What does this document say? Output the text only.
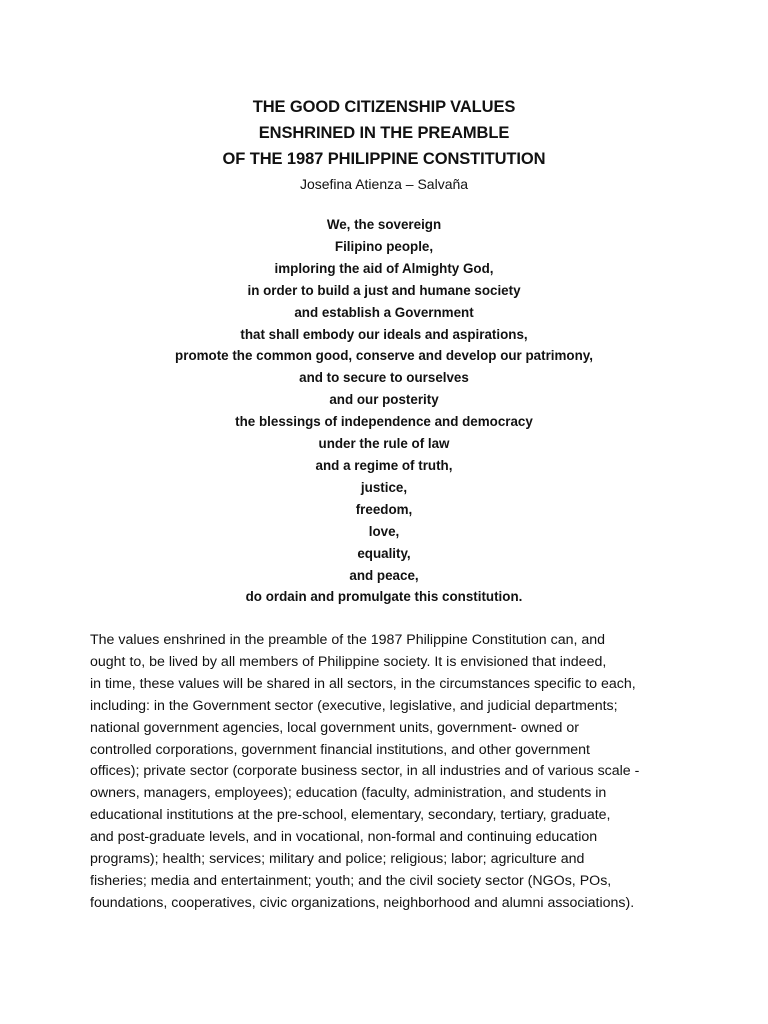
THE GOOD CITIZENSHIP VALUES
ENSHRINED IN THE PREAMBLE
OF THE 1987 PHILIPPINE CONSTITUTION
Josefina Atienza – Salvaña
We, the sovereign
Filipino people,
imploring the aid of Almighty God,
in order to build a just and humane society
and establish a Government
that shall embody our ideals and aspirations,
promote the common good, conserve and develop our patrimony,
and to secure to ourselves
and our posterity
the blessings of independence and democracy
under the rule of law
and a regime of truth,
justice,
freedom,
love,
equality,
and peace,
do ordain and promulgate this constitution.
The values enshrined in the preamble of the 1987 Philippine Constitution can, and
ought to, be lived by all members of Philippine society. It is envisioned that indeed,
in time, these values will be shared in all sectors, in the circumstances specific to each,
including: in the Government sector (executive, legislative, and judicial departments;
national government agencies, local government units, government- owned or
controlled corporations, government financial institutions, and other government
offices); private sector (corporate business sector, in all industries and of various scale -
owners, managers, employees); education (faculty, administration, and students in
educational institutions at the pre-school, elementary, secondary, tertiary, graduate,
and post-graduate levels, and in vocational, non-formal and continuing education
programs); health; services; military and police; religious; labor; agriculture and
fisheries; media and entertainment; youth; and the civil society sector (NGOs, POs,
foundations, cooperatives, civic organizations, neighborhood and alumni associations).
